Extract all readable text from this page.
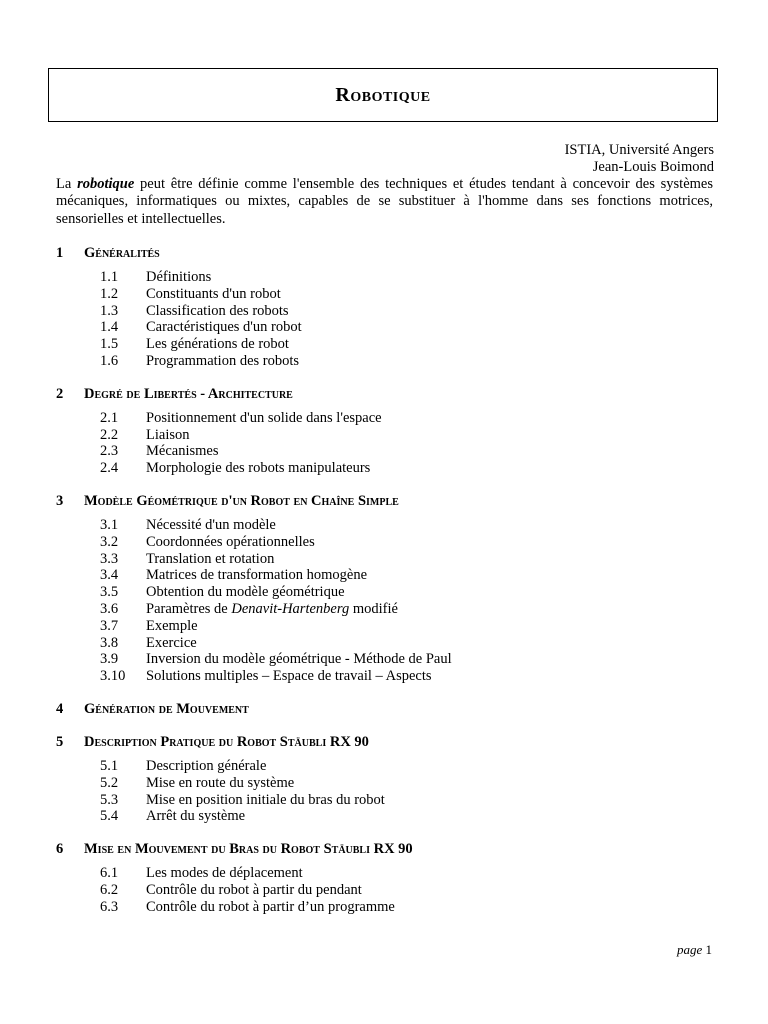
Robotique
ISTIA, Université Angers
Jean-Louis Boimond
La robotique peut être définie comme l'ensemble des techniques et études tendant à concevoir des systèmes mécaniques, informatiques ou mixtes, capables de se substituer à l'homme dans ses fonctions motrices, sensorielles et intellectuelles.
1	Généralités
1.1	Définitions
1.2	Constituants d'un robot
1.3	Classification des robots
1.4	Caractéristiques d'un robot
1.5	Les générations de robot
1.6	Programmation des robots
2	Degré de Libertés - Architecture
2.1	Positionnement d'un solide dans l'espace
2.2	Liaison
2.3	Mécanismes
2.4	Morphologie des robots manipulateurs
3	Modèle Géométrique d'un Robot en Chaîne Simple
3.1	Nécessité d'un modèle
3.2	Coordonnées opérationnelles
3.3	Translation et rotation
3.4	Matrices de transformation homogène
3.5	Obtention du modèle géométrique
3.6	Paramètres de Denavit-Hartenberg modifié
3.7	Exemple
3.8	Exercice
3.9	Inversion du modèle géométrique - Méthode de Paul
3.10	Solutions multiples – Espace de travail – Aspects
4	Génération de Mouvement
5	Description Pratique du Robot Stäubli RX 90
5.1	Description générale
5.2	Mise en route du système
5.3	Mise en position initiale du bras du robot
5.4	Arrêt du système
6	Mise en Mouvement du Bras du Robot Stäubli RX 90
6.1	Les modes de déplacement
6.2	Contrôle du robot à partir du pendant
6.3	Contrôle du robot à partir d’un programme
page 1
